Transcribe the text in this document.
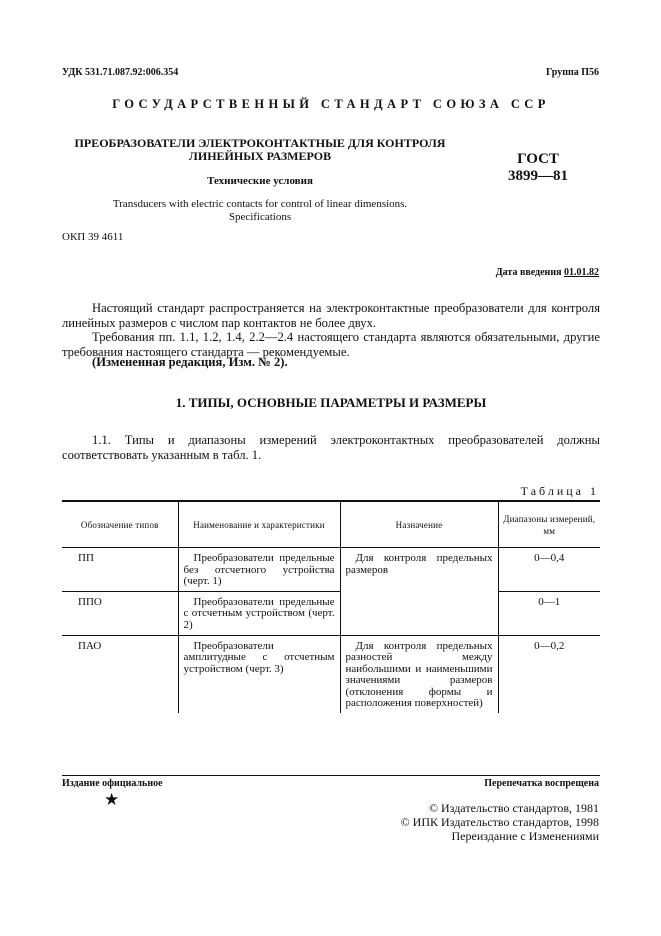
УДК 531.71.087.92:006.354	Группа П56
ГОСУДАРСТВЕННЫЙ СТАНДАРТ СОЮЗА ССР
ПРЕОБРАЗОВАТЕЛИ ЭЛЕКТРОКОНТАКТНЫЕ ДЛЯ КОНТРОЛЯ
ЛИНЕЙНЫХ РАЗМЕРОВ
Технические условия
Transducers with electric contacts for control of linear dimensions.
Specifications
ГОСТ
3899—81
ОКП 39 4611
Дата введения 01.01.82
Настоящий стандарт распространяется на электроконтактные преобразователи для контроля линейных размеров с числом пар контактов не более двух.
Требования пп. 1.1, 1.2, 1.4, 2.2—2.4 настоящего стандарта являются обязательными, другие требования настоящего стандарта — рекомендуемые.
(Измененная редакция, Изм. № 2).
1. ТИПЫ, ОСНОВНЫЕ ПАРАМЕТРЫ И РАЗМЕРЫ
1.1. Типы и диапазоны измерений электроконтактных преобразователей должны соответствовать указанным в табл. 1.
Таблица 1
Обозначение типов	Наименование и характеристики	Назначение	Диапазоны измерений, мм
ПП	Преобразователи предельные без отсчетного устройства (черт. 1)	Для контроля предельных размеров	0—0,4
ППО	Преобразователи предельные с отсчетным устройством (черт. 2)		0—1
ПАО	Преобразователи амплитудные с отсчетным устройством (черт. 3)	Для контроля предельных разностей между наибольшими и наименьшими значениями размеров (отклонения формы и расположения поверхностей)	0—0,2
Издание официальное	Перепечатка воспрещена
★	© Издательство стандартов, 1981
© ИПК Издательство стандартов, 1998
Переиздание с Изменениями
